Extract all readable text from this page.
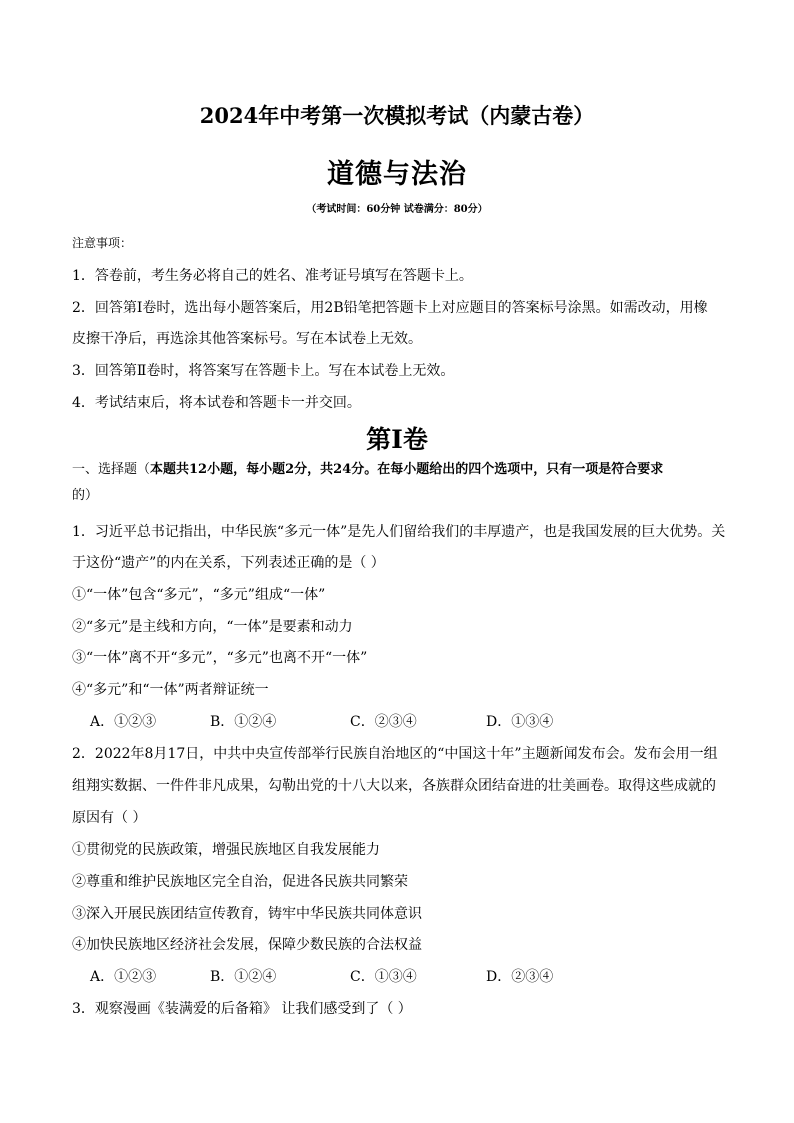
2024年中考第一次模拟考试（内蒙古卷）
道德与法治
（考试时间：60分钟 试卷满分：80分）
注意事项：
1．答卷前，考生务必将自己的姓名、准考证号填写在答题卡上。
2．回答第Ⅰ卷时，选出每小题答案后，用2B铅笔把答题卡上对应题目的答案标号涂黑。如需改动，用橡
皮擦干净后，再选涂其他答案标号。写在本试卷上无效。
3．回答第Ⅱ卷时，将答案写在答题卡上。写在本试卷上无效。
4．考试结束后，将本试卷和答题卡一并交回。
第Ⅰ卷
一、选择题（本题共12小题，每小题2分，共24分。在每小题给出的四个选项中，只有一项是符合要求
的）
1．习近平总书记指出，中华民族“多元一体”是先人们留给我们的丰厚遗产，也是我国发展的巨大优势。关
于这份“遗产”的内在关系，下列表述正确的是（ ）
①“一体”包含“多元”，“多元”组成“一体”
②“多元”是主线和方向，“一体”是要素和动力
③“一体”离不开“多元”，“多元”也离不开“一体”
④“多元”和“一体”两者辩证统一
A．①②③	B．①②④	C．②③④	D．①③④
2．2022年8月17日，中共中央宣传部举行民族自治地区的“中国这十年”主题新闻发布会。发布会用一组
组翔实数据、一件件非凡成果，勾勒出党的十八大以来，各族群众团结奋进的壮美画卷。取得这些成就的
原因有（ ）
①贯彻党的民族政策，增强民族地区自我发展能力
②尊重和维护民族地区完全自治，促进各民族共同繁荣
③深入开展民族团结宣传教育，铸牢中华民族共同体意识
④加快民族地区经济社会发展，保障少数民族的合法权益
A．①②③	B．①②④	C．①③④	D．②③④
3．观察漫画《装满爱的后备箱》 让我们感受到了（ ）
